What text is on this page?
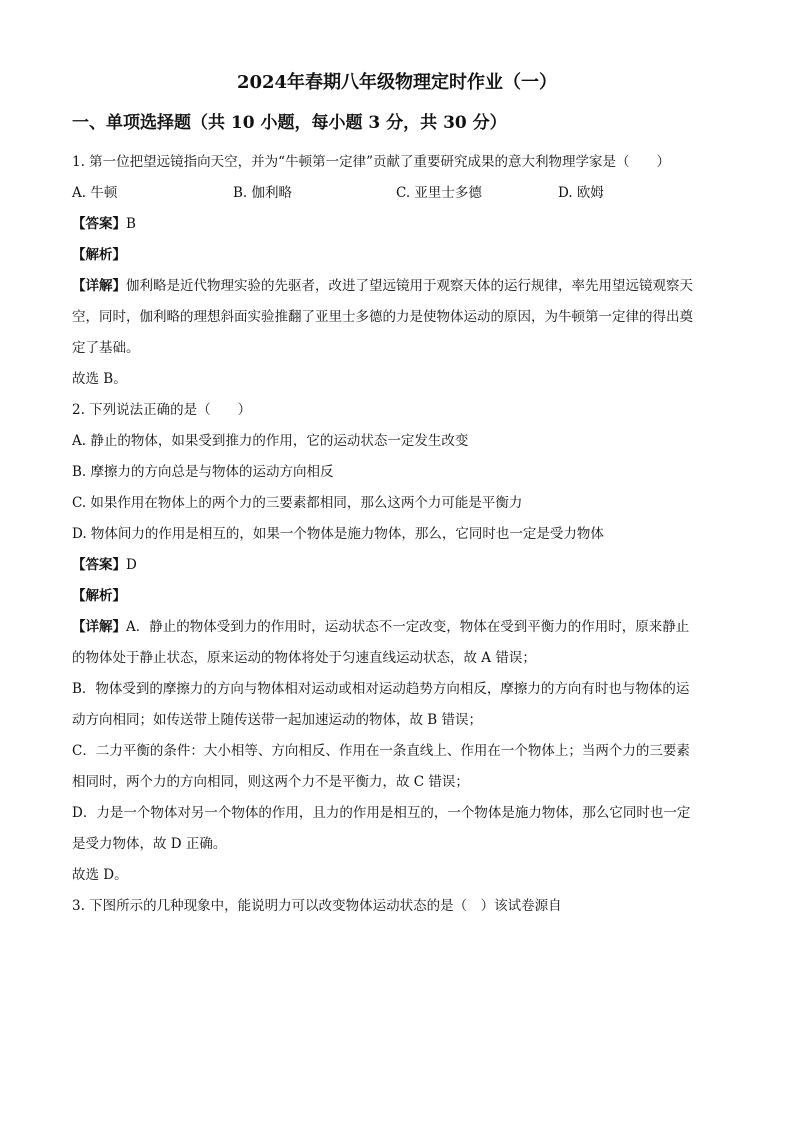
2024年春期八年级物理定时作业（一）
一、单项选择题（共 10 小题，每小题 3 分，共 30 分）
1. 第一位把望远镜指向天空，并为“牛顿第一定律”贡献了重要研究成果的意大利物理学家是（　　）
A. 牛顿	B. 伽利略	C. 亚里士多德	D. 欧姆
【答案】B
【解析】
【详解】伽利略是近代物理实验的先驱者，改进了望远镜用于观察天体的运行规律，率先用望远镜观察天
空，同时，伽利略的理想斜面实验推翻了亚里士多德的力是使物体运动的原因，为牛顿第一定律的得出奠
定了基础。
故选 B。
2. 下列说法正确的是（　　）
A. 静止的物体，如果受到推力的作用，它的运动状态一定发生改变
B. 摩擦力的方向总是与物体的运动方向相反
C. 如果作用在物体上的两个力的三要素都相同，那么这两个力可能是平衡力
D. 物体间力的作用是相互的，如果一个物体是施力物体，那么，它同时也一定是受力物体
【答案】D
【解析】
【详解】A．静止的物体受到力的作用时，运动状态不一定改变，物体在受到平衡力的作用时，原来静止
的物体处于静止状态，原来运动的物体将处于匀速直线运动状态，故 A 错误；
B．物体受到的摩擦力的方向与物体相对运动或相对运动趋势方向相反，摩擦力的方向有时也与物体的运
动方向相同；如传送带上随传送带一起加速运动的物体，故 B 错误；
C．二力平衡的条件：大小相等、方向相反、作用在一条直线上、作用在一个物体上；当两个力的三要素
相同时，两个力的方向相同，则这两个力不是平衡力，故 C 错误；
D．力是一个物体对另一个物体的作用，且力的作用是相互的，一个物体是施力物体，那么它同时也一定
是受力物体，故 D 正确。
故选 D。
3. 下图所示的几种现象中，能说明力可以改变物体运动状态的是（　）该试卷源自
